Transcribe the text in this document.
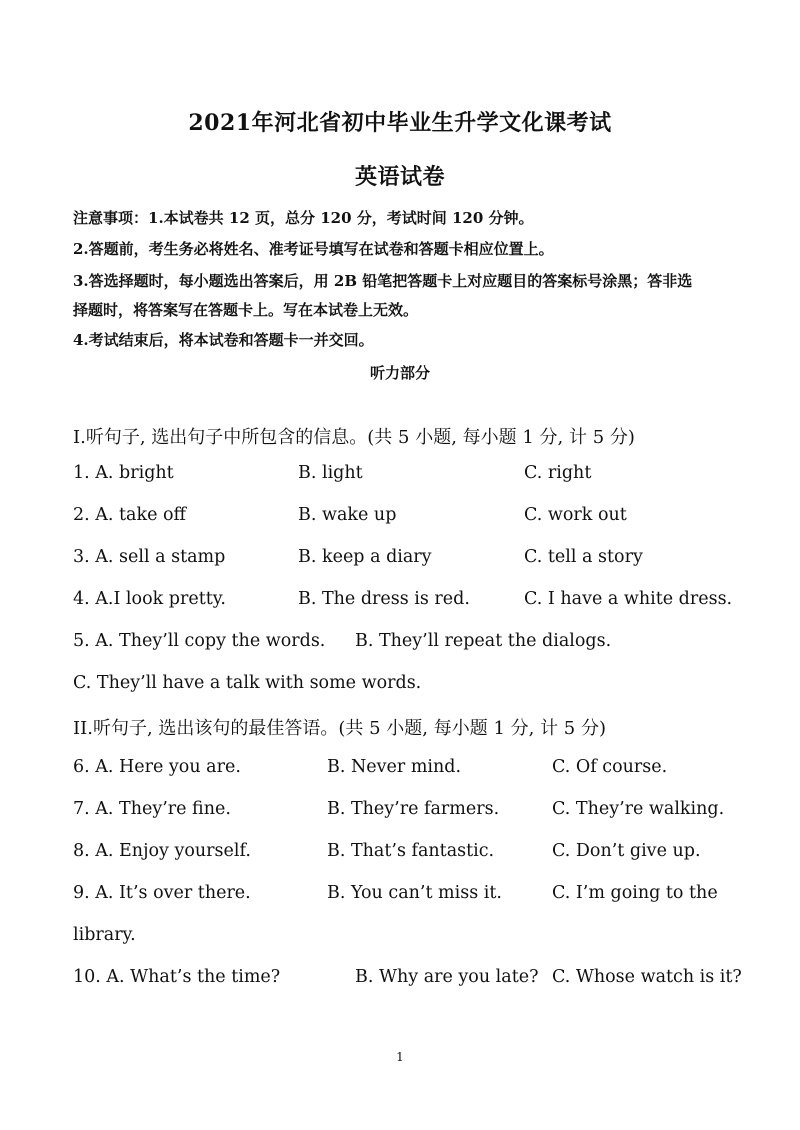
2021年河北省初中毕业生升学文化课考试
英语试卷
注意事项：1.本试卷共 12 页，总分 120 分，考试时间 120 分钟。
2.答题前，考生务必将姓名、准考证号填写在试卷和答题卡相应位置上。
3.答选择题时，每小题选出答案后，用 2B 铅笔把答题卡上对应题目的答案标号涂黑；答非选
择题时，将答案写在答题卡上。写在本试卷上无效。
4.考试结束后，将本试卷和答题卡一并交回。
听力部分
I.听句子, 选出句子中所包含的信息。(共 5 小题, 每小题 1 分, 计 5 分)
1. A. bright	B. light	C. right
2. A. take off	B. wake up	C. work out
3. A. sell a stamp	B. keep a diary	C. tell a story
4. A.I look pretty.	B. The dress is red.	C. I have a white dress.
5. A. They’ll copy the words. B. They’ll repeat the dialogs.
C. They’ll have a talk with some words.
II.听句子, 选出该句的最佳答语。(共 5 小题, 每小题 1 分, 计 5 分)
6. A. Here you are.	B. Never mind.	C. Of course.
7. A. They’re fine.	B. They’re farmers.	C. They’re walking.
8. A. Enjoy yourself.	B. That’s fantastic.	C. Don’t give up.
9. A. It’s over there.	B. You can’t miss it.	C. I’m going to the
library.
10. A. What’s the time?	B. Why are you late? C. Whose watch is it?
1
